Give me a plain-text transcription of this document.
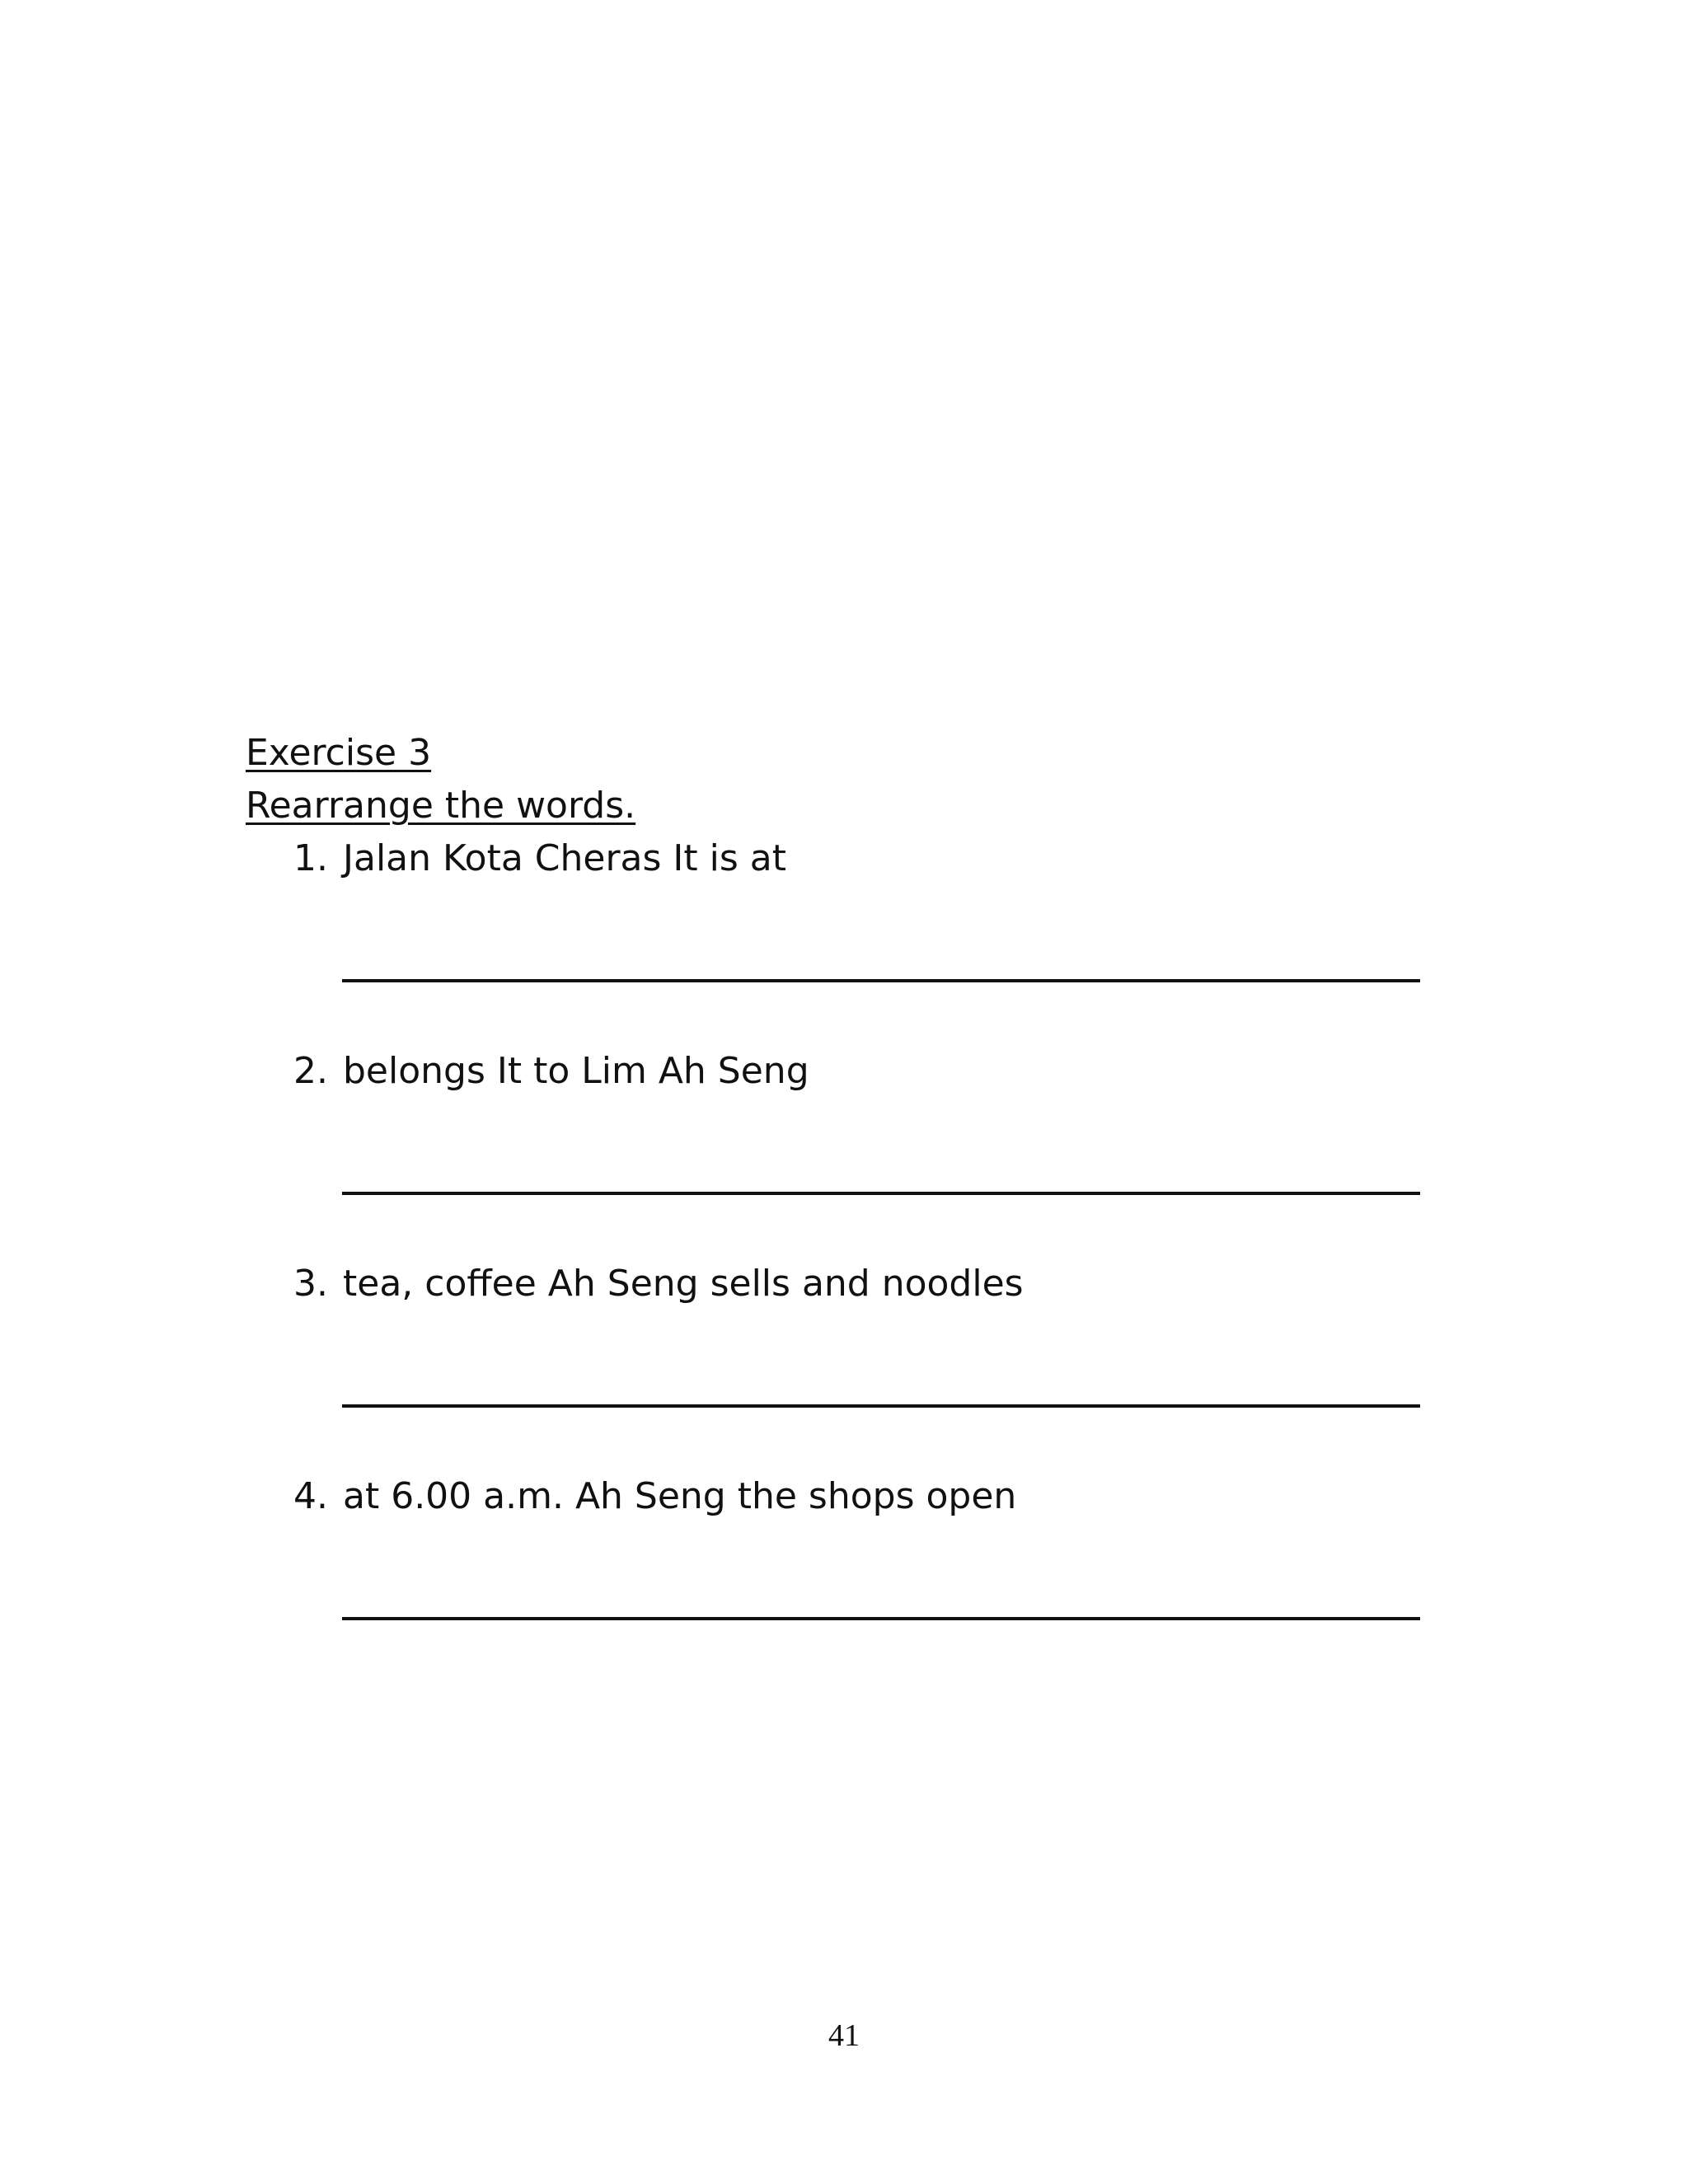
Exercise 3
Rearrange the words.
1. Jalan Kota Cheras It is at
2. belongs It to Lim Ah Seng
3. tea, coffee Ah Seng sells and noodles
4. at 6.00 a.m. Ah Seng the shops open
41
